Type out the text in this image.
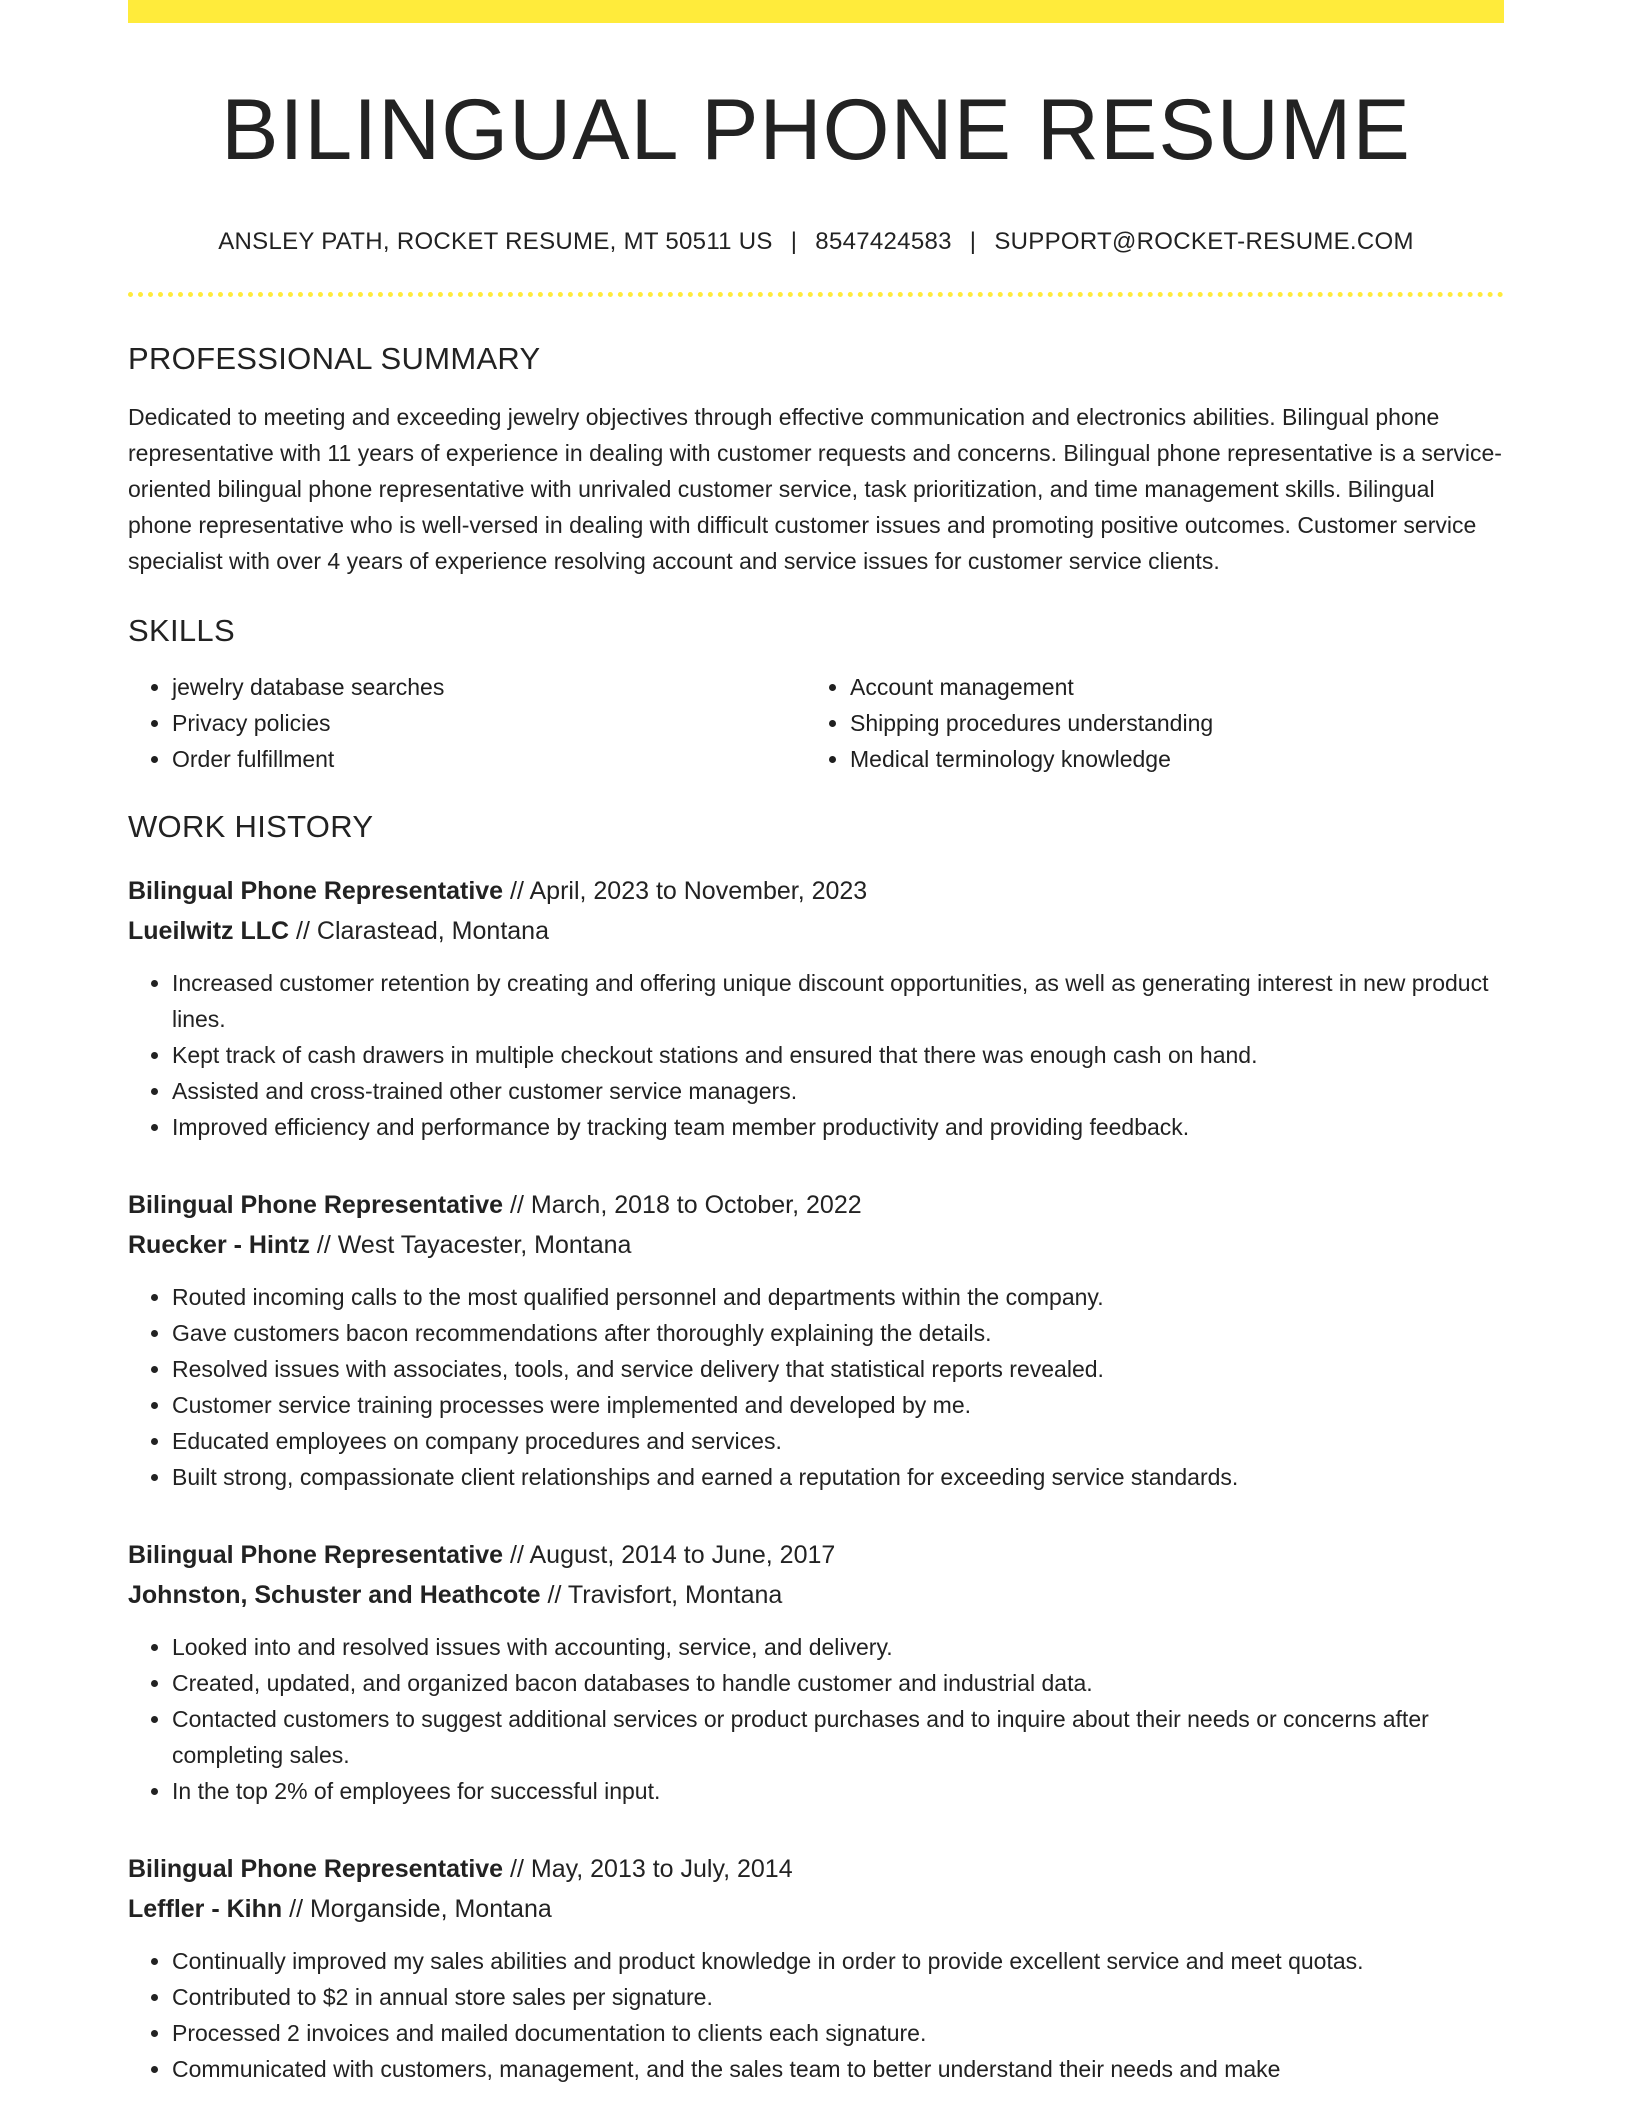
BILINGUAL PHONE RESUME
ANSLEY PATH, ROCKET RESUME, MT 50511 US | 8547424583 | SUPPORT@ROCKET-RESUME.COM
PROFESSIONAL SUMMARY
Dedicated to meeting and exceeding jewelry objectives through effective communication and electronics abilities. Bilingual phone representative with 11 years of experience in dealing with customer requests and concerns. Bilingual phone representative is a service-oriented bilingual phone representative with unrivaled customer service, task prioritization, and time management skills. Bilingual phone representative who is well-versed in dealing with difficult customer issues and promoting positive outcomes. Customer service specialist with over 4 years of experience resolving account and service issues for customer service clients.
SKILLS
• jewelry database searches
• Privacy policies
• Order fulfillment
• Account management
• Shipping procedures understanding
• Medical terminology knowledge
WORK HISTORY
Bilingual Phone Representative // April, 2023 to November, 2023
Lueilwitz LLC // Clarastead, Montana
• Increased customer retention by creating and offering unique discount opportunities, as well as generating interest in new product lines.
• Kept track of cash drawers in multiple checkout stations and ensured that there was enough cash on hand.
• Assisted and cross-trained other customer service managers.
• Improved efficiency and performance by tracking team member productivity and providing feedback.
Bilingual Phone Representative // March, 2018 to October, 2022
Ruecker - Hintz // West Tayacester, Montana
• Routed incoming calls to the most qualified personnel and departments within the company.
• Gave customers bacon recommendations after thoroughly explaining the details.
• Resolved issues with associates, tools, and service delivery that statistical reports revealed.
• Customer service training processes were implemented and developed by me.
• Educated employees on company procedures and services.
• Built strong, compassionate client relationships and earned a reputation for exceeding service standards.
Bilingual Phone Representative // August, 2014 to June, 2017
Johnston, Schuster and Heathcote // Travisfort, Montana
• Looked into and resolved issues with accounting, service, and delivery.
• Created, updated, and organized bacon databases to handle customer and industrial data.
• Contacted customers to suggest additional services or product purchases and to inquire about their needs or concerns after completing sales.
• In the top 2% of employees for successful input.
Bilingual Phone Representative // May, 2013 to July, 2014
Leffler - Kihn // Morganside, Montana
• Continually improved my sales abilities and product knowledge in order to provide excellent service and meet quotas.
• Contributed to $2 in annual store sales per signature.
• Processed 2 invoices and mailed documentation to clients each signature.
• Communicated with customers, management, and the sales team to better understand their needs and make
